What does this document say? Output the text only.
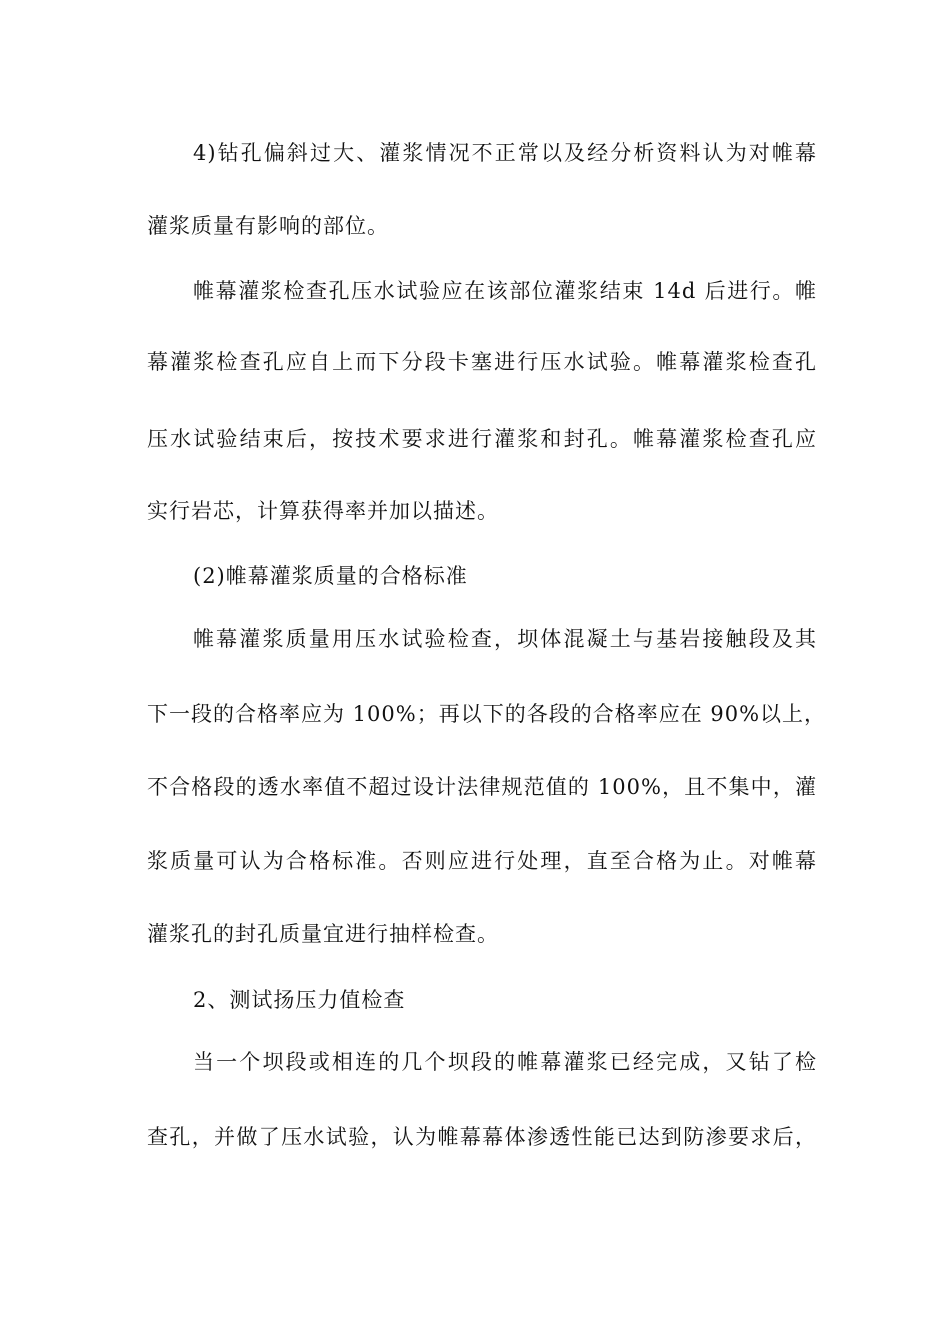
4)钻孔偏斜过大、灌浆情况不正常以及经分析资料认为对帷幕
灌浆质量有影响的部位。
帷幕灌浆检查孔压水试验应在该部位灌浆结束 14d 后进行。帷
幕灌浆检查孔应自上而下分段卡塞进行压水试验。帷幕灌浆检查孔
压水试验结束后，按技术要求进行灌浆和封孔。帷幕灌浆检查孔应
实行岩芯，计算获得率并加以描述。
(2)帷幕灌浆质量的合格标准
帷幕灌浆质量用压水试验检查，坝体混凝土与基岩接触段及其
下一段的合格率应为 100%；再以下的各段的合格率应在 90%以上，
不合格段的透水率值不超过设计法律规范值的 100%，且不集中，灌
浆质量可认为合格标准。否则应进行处理，直至合格为止。对帷幕
灌浆孔的封孔质量宜进行抽样检查。
2、测试扬压力值检查
当一个坝段或相连的几个坝段的帷幕灌浆已经完成，又钻了检
查孔，并做了压水试验，认为帷幕幕体渗透性能已达到防渗要求后，
